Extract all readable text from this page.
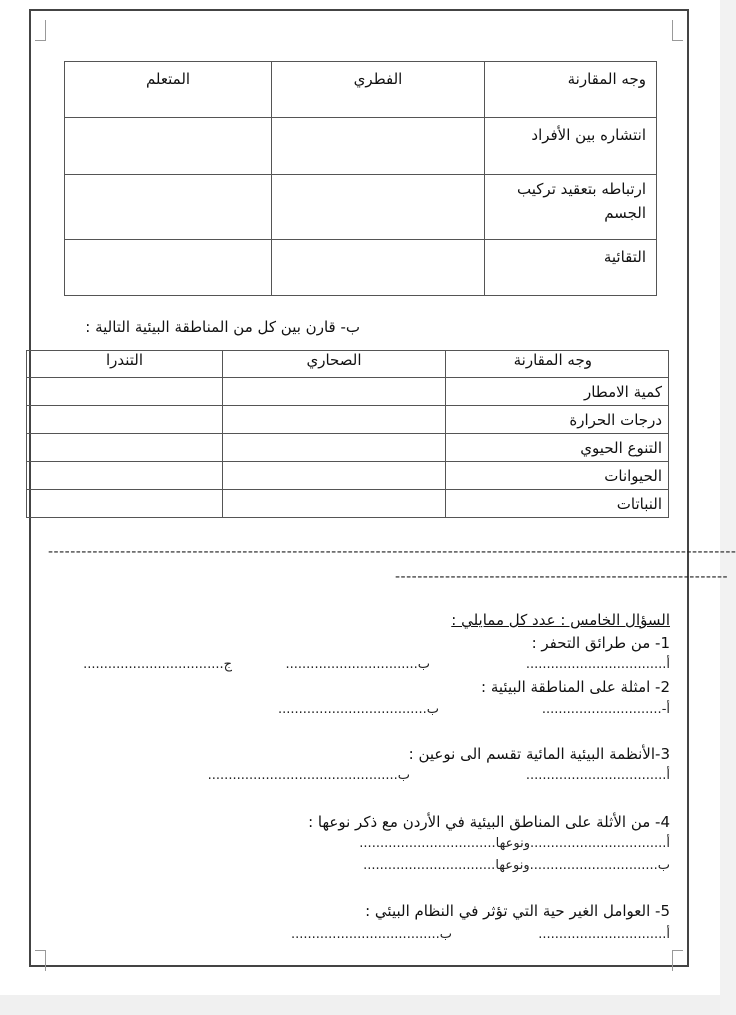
وجه المقارنة	الفطري	المتعلم
انتشاره بين الأفراد		
ارتباطه بتعقيد تركيب الجسم		
التقائية		
ب- قارن بين كل من المناطقة البيئية التالية :
وجه المقارنة	الصحاري	التندرا
كمية الامطار		
درجات الحرارة		
التنوع الحيوي		
الحيوانات		
النباتات		
----------------------------------------------------------------------------------------------------------------------------
------------------------------------------------------------
السؤال الخامس : عدد كل ممايلي :
1- من طرائق التحفر :
أ..................................
ب................................
ج..................................
2- امثلة على المناطقة البيئية :
أ-.............................
ب....................................
3-الأنظمة البيئية المائية تقسم الى نوعين :
أ..................................
ب..............................................
4- من الأثلة على المناطق البيئية في الأردن مع ذكر نوعها :
أ.................................ونوعها.................................
ب...............................ونوعها................................
5- العوامل الغير حية التي تؤثر في النظام البيئي :
أ...............................
ب....................................
